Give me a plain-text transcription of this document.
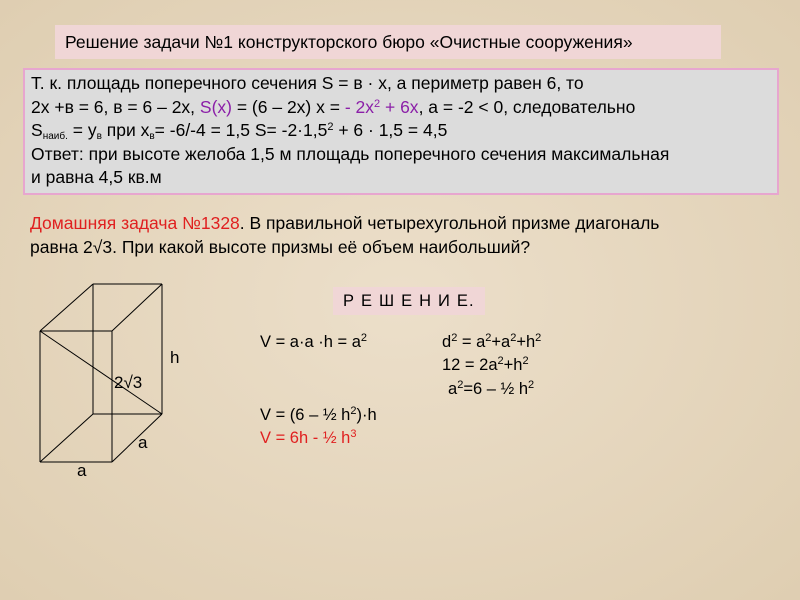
Решение задачи №1 конструкторского бюро «Очистные сооружения»
Т. к. площадь поперечного сечения S = в · х, а периметр равен 6, то
2х +в = 6, в = 6 – 2х, S(х) = (6 – 2х) х = - $2х^2 + 6х$, а = -2 < 0, следовательно
$S_{наиб.} = у_в$ при $х_в= -6/-4 = 1,5$ $S= -2\cdot 1,5^2 + 6 \cdot 1,5 = 4,5$
Ответ: при высоте желоба 1,5 м площадь поперечного сечения максимальная
и равна 4,5 кв.м
Домашняя задача №1328. В правильной четырехугольной призме диагональ
равна 2√3. При какой высоте призмы её объем наибольший?
Р Е Ш Е Н И Е.
h
2√3
a
a
$V = a\cdot a \cdot h = a^2$	$d^2 = a^2+a^2+h^2$
$12 = 2a^2+h^2$
$a^2=6$ – ½ $h^2$
V = (6 – ½ $h^2)\cdot h$
V = 6h - ½ $h^3$
